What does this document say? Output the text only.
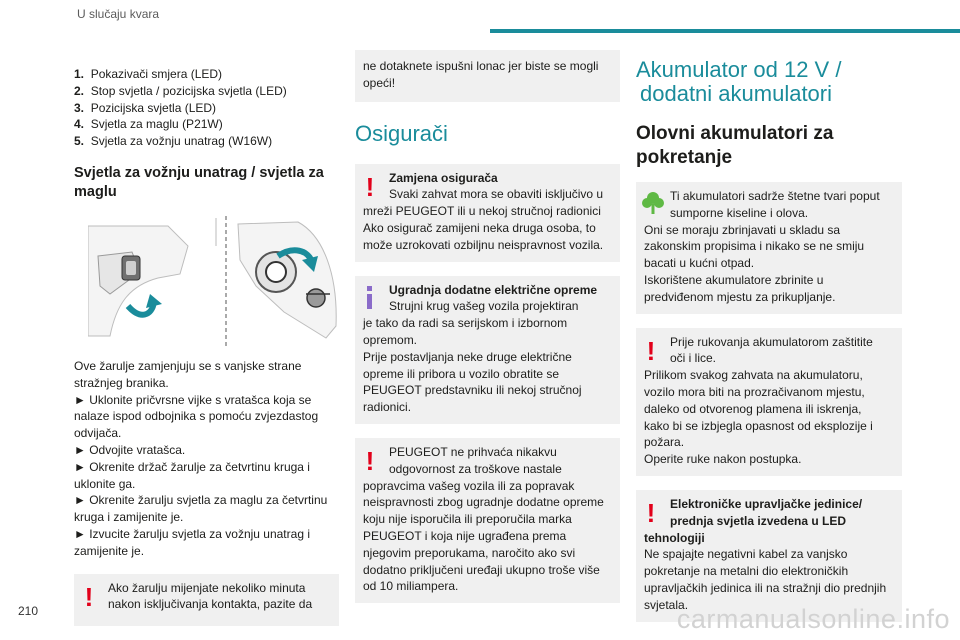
U slučaju kvara
1. Pokazivači smjera (LED)
2. Stop svjetla / pozicijska svjetla (LED)
3. Pozicijska svjetla (LED)
4. Svjetla za maglu (P21W)
5. Svjetla za vožnju unatrag (W16W)
Svjetla za vožnju unatrag / svjetla za
maglu
Ove žarulje zamjenjuju se s vanjske strane
stražnjeg branika.
► Uklonite pričvrsne vijke s vratašca koja se
nalaze ispod odbojnika s pomoću zvjezdastog
odvijača.
► Odvojite vratašca.
► Okrenite držač žarulje za četvrtinu kruga i
uklonite ga.
► Okrenite žarulju svjetla za maglu za četvrtinu
kruga i zamijenite je.
► Izvucite žarulju svjetla za vožnju unatrag i
zamijenite je.
!	Ako žarulju mijenjate nekoliko minuta
nakon isključivanja kontakta, pazite da
ne dotaknete ispušni lonac jer biste se mogli
opeći!
Osigurači
!	Zamjena osigurača
Svaki zahvat mora se obaviti isključivo u
mreži PEUGEOT ili u nekoj stručnoj radionici
Ako osigurač zamijeni neka druga osoba, to
može uzrokovati ozbiljnu neispravnost vozila.
Ugradnja dodatne električne opreme
Strujni krug vašeg vozila projektiran
je tako da radi sa serijskom i izbornom
opremom.
Prije postavljanja neke druge električne
opreme ili pribora u vozilo obratite se
PEUGEOT predstavniku ili nekoj stručnoj
radionici.
!	PEUGEOT ne prihvaća nikakvu
odgovornost za troškove nastale
popravcima vašeg vozila ili za popravak
neispravnosti zbog ugradnje dodatne opreme
koju nije isporučila ili preporučila marka
PEUGEOT i koja nije ugrađena prema
njegovim preporukama, naročito ako svi
dodatno priključeni uređaji ukupno troše više
od 10 miliampera.
Akumulator od 12 V /
dodatni akumulatori
Olovni akumulatori za
pokretanje
Ti akumulatori sadrže štetne tvari poput
sumporne kiseline i olova.
Oni se moraju zbrinjavati u skladu sa
zakonskim propisima i nikako se ne smiju
bacati u kućni otpad.
Iskorištene akumulatore zbrinite u
predviđenom mjestu za prikupljanje.
!	Prije rukovanja akumulatorom zaštitite
oči i lice.
Prilikom svakog zahvata na akumulatoru,
vozilo mora biti na prozračivanom mjestu,
daleko od otvorenog plamena ili iskrenja,
kako bi se izbjegla opasnost od eksplozije i
požara.
Operite ruke nakon postupka.
!	Elektroničke upravljačke jedinice/
prednja svjetla izvedena u LED
tehnologiji
Ne spajajte negativni kabel za vanjsko
pokretanje na metalni dio elektroničkih
upravljačkih jedinica ili na stražnji dio prednjih
svjetala.
210	carmanualsonline.info
